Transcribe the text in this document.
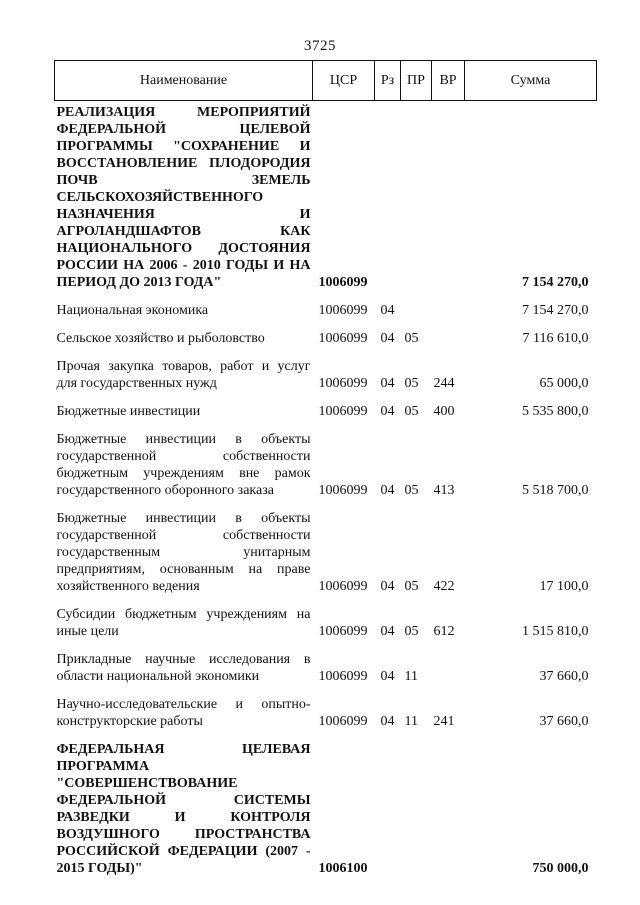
3725
Наименование	ЦСР	Рз	ПР	ВР	Сумма
РЕАЛИЗАЦИЯ МЕРОПРИЯТИЙ ФЕДЕРАЛЬНОЙ ЦЕЛЕВОЙ ПРОГРАММЫ "СОХРАНЕНИЕ И ВОССТАНОВЛЕНИЕ ПЛОДОРОДИЯ ПОЧВ ЗЕМЕЛЬ СЕЛЬСКОХОЗЯЙСТВЕННОГО НАЗНАЧЕНИЯ И АГРОЛАНДШАФТОВ КАК НАЦИОНАЛЬНОГО ДОСТОЯНИЯ РОССИИ НА 2006 - 2010 ГОДЫ И НА ПЕРИОД ДО 2013 ГОДА"	1006099				7 154 270,0
Национальная экономика	1006099	04			7 154 270,0
Сельское хозяйство и рыболовство	1006099	04	05		7 116 610,0
Прочая закупка товаров, работ и услуг для государственных нужд	1006099	04	05	244	65 000,0
Бюджетные инвестиции	1006099	04	05	400	5 535 800,0
Бюджетные инвестиции в объекты государственной собственности бюджетным учреждениям вне рамок государственного оборонного заказа	1006099	04	05	413	5 518 700,0
Бюджетные инвестиции в объекты государственной собственности государственным унитарным предприятиям, основанным на праве хозяйственного ведения	1006099	04	05	422	17 100,0
Субсидии бюджетным учреждениям на иные цели	1006099	04	05	612	1 515 810,0
Прикладные научные исследования в области национальной экономики	1006099	04	11		37 660,0
Научно-исследовательские и опытно-конструкторские работы	1006099	04	11	241	37 660,0
ФЕДЕРАЛЬНАЯ ЦЕЛЕВАЯ ПРОГРАММА "СОВЕРШЕНСТВОВАНИЕ ФЕДЕРАЛЬНОЙ СИСТЕМЫ РАЗВЕДКИ И КОНТРОЛЯ ВОЗДУШНОГО ПРОСТРАНСТВА РОССИЙСКОЙ ФЕДЕРАЦИИ (2007 - 2015 ГОДЫ)"	1006100				750 000,0
